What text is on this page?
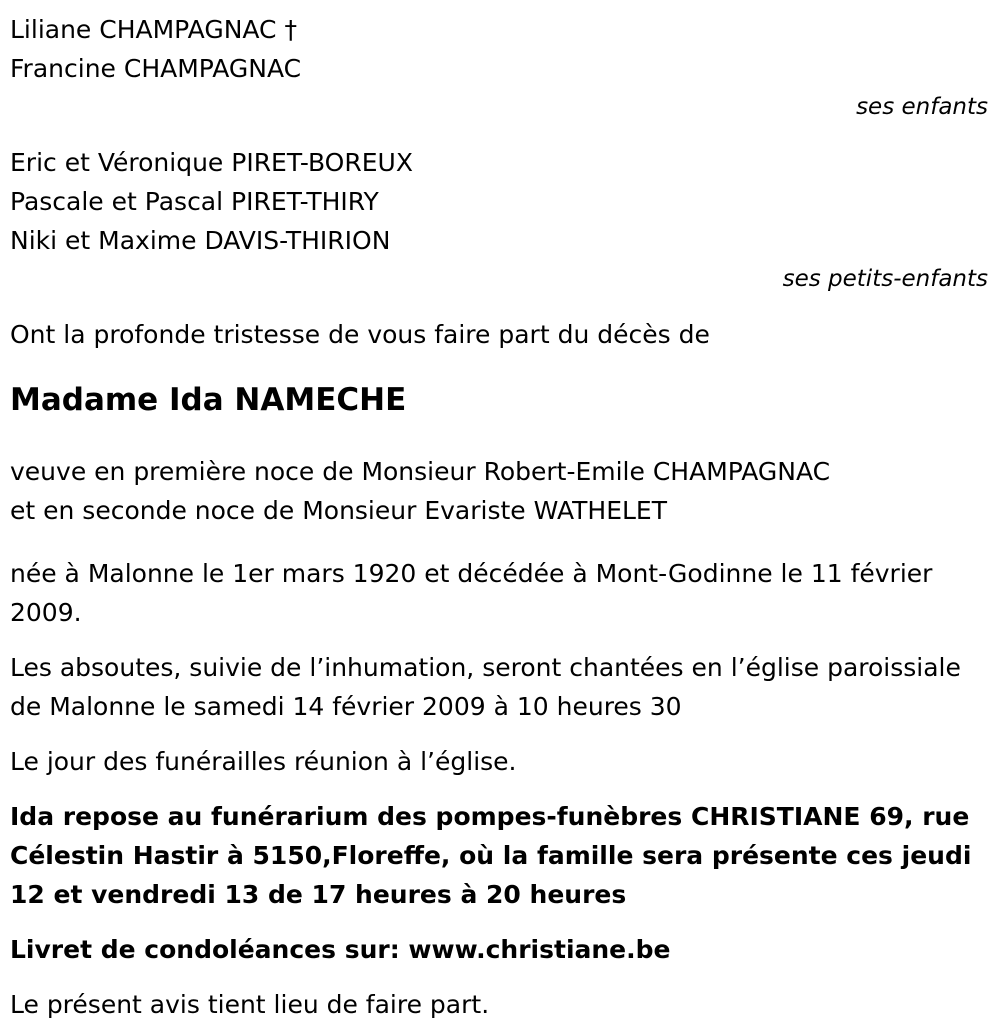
Liliane CHAMPAGNAC †
Francine CHAMPAGNAC
ses enfants
Eric et Véronique PIRET-BOREUX
Pascale et Pascal PIRET-THIRY
Niki et Maxime DAVIS-THIRION
ses petits-enfants
Ont la profonde tristesse de vous faire part du décès de
Madame Ida NAMECHE
veuve en première noce de Monsieur Robert-Emile CHAMPAGNAC
et en seconde noce de Monsieur Evariste WATHELET
née à Malonne le 1er mars 1920 et décédée à Mont-Godinne le 11 février 2009.
Les absoutes, suivie de l’inhumation, seront chantées en l’église paroissiale de Malonne le samedi 14 février 2009 à 10 heures 30
Le jour des funérailles réunion à l’église.
Ida repose au funérarium des pompes-funèbres CHRISTIANE 69, rue Célestin Hastir à 5150,Floreffe, où la famille sera présente ces jeudi 12 et vendredi 13 de 17 heures à 20 heures
Livret de condoléances sur: www.christiane.be
Le présent avis tient lieu de faire part.
